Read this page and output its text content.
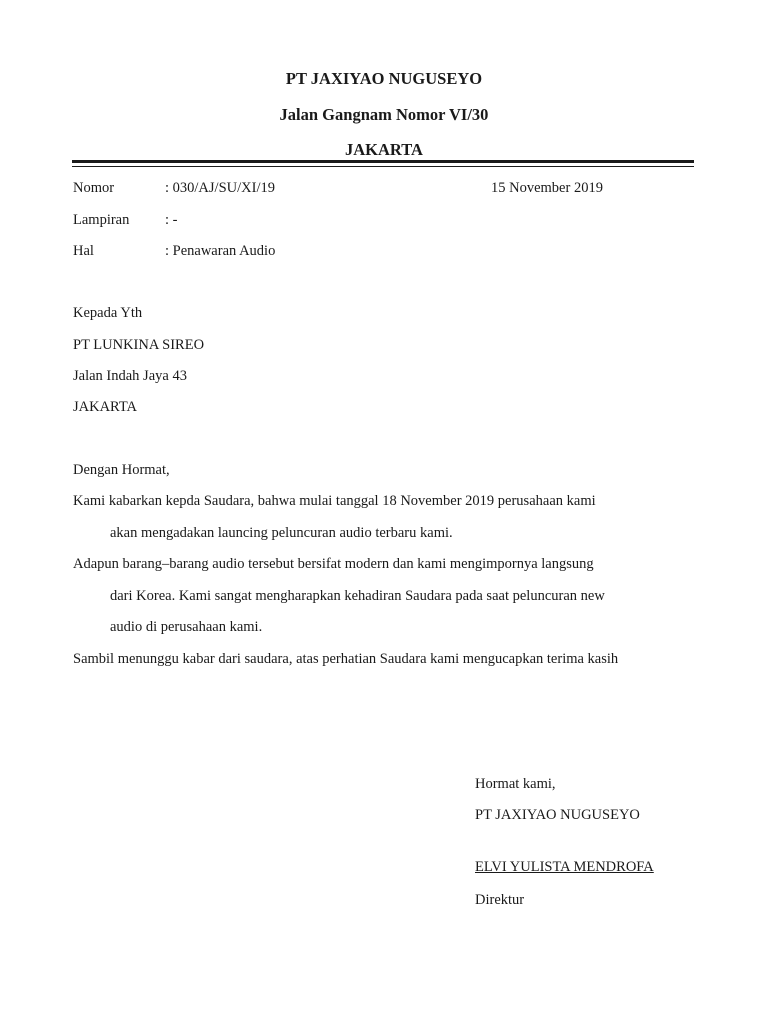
PT JAXIYAO NUGUSEYO
Jalan Gangnam Nomor VI/30
JAKARTA
Nomor	: 030/AJ/SU/XI/19	15 November 2019
Lampiran : -
Hal	: Penawaran Audio
Kepada Yth
PT LUNKINA SIREO
Jalan Indah Jaya 43
JAKARTA
Dengan Hormat,
Kami kabarkan kepda Saudara, bahwa mulai tanggal 18 November 2019 perusahaan kami
akan mengadakan launcing peluncuran audio terbaru kami.
Adapun barang–barang audio tersebut bersifat modern dan kami mengimpornya langsung
dari Korea. Kami sangat mengharapkan kehadiran Saudara pada saat peluncuran new
audio di perusahaan kami.
Sambil menunggu kabar dari saudara, atas perhatian Saudara kami mengucapkan terima kasih
Hormat kami,
PT JAXIYAO NUGUSEYO
ELVI YULISTA MENDROFA
Direktur
